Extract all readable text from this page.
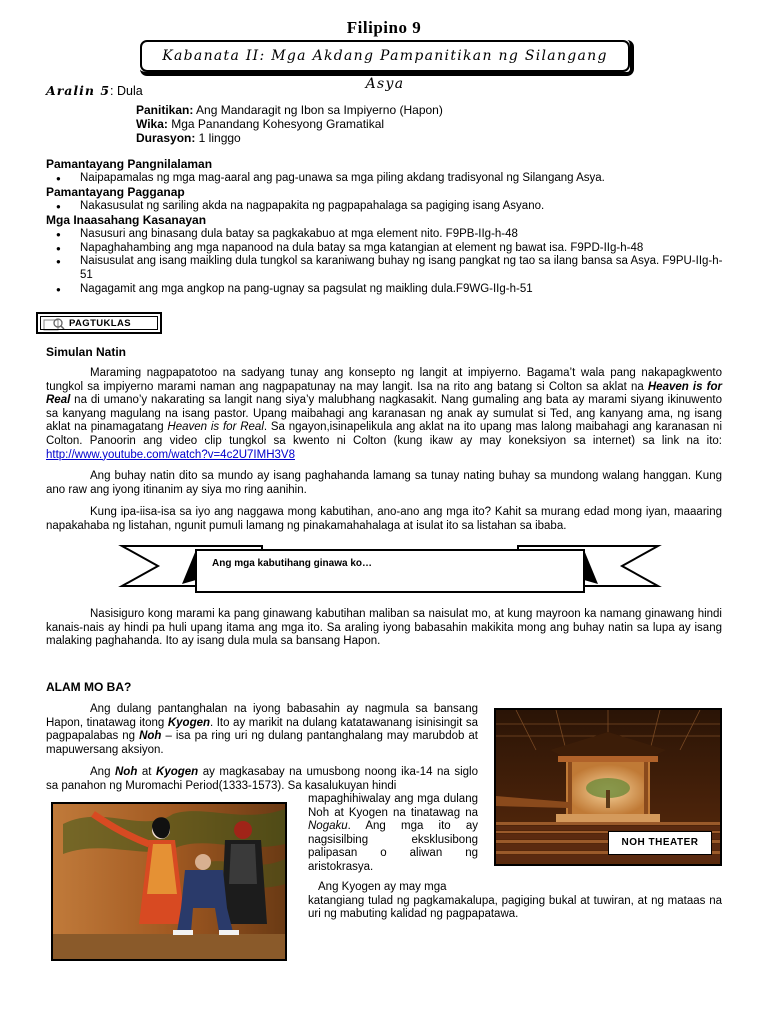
Filipino 9
Kabanata II: Mga Akdang Pampanitikan ng Silangang Asya
Aralin 5: Dula
Panitikan: Ang Mandaragit ng Ibon sa Impiyerno (Hapon)
Wika: Mga Panandang Kohesyong Gramatikal
Durasyon: 1 linggo
Pamantayang Pangnilalaman
● Naipapamalas ng mga mag-aaral ang pag-unawa sa mga piling akdang tradisyonal ng Silangang Asya.
Pamantayang Pagganap
● Nakasusulat ng sariling akda na nagpapakita ng pagpapahalaga sa pagiging isang Asyano.
Mga Inaasahang Kasanayan
● Nasusuri ang binasang dula batay sa pagkakabuo at mga element nito. F9PB-IIg-h-48
● Napaghahambing ang mga napanood na dula batay sa mga katangian at element ng bawat isa. F9PD-IIg-h-48
● Naisusulat ang isang maikling dula tungkol sa karaniwang buhay ng isang pangkat ng tao sa ilang bansa sa Asya. F9PU-IIg-h-51
● Nagagamit ang mga angkop na pang-ugnay sa pagsulat ng maikling dula.F9WG-IIg-h-51
PAGTUKLAS
Simulan Natin
Maraming nagpapatotoo na sadyang tunay ang konsepto ng langit at impiyerno. Bagama’t wala pang nakapagkwento tungkol sa impiyerno marami naman ang nagpapatunay na may langit. Isa na rito ang batang si Colton sa aklat na Heaven is for Real na di umano’y nakarating sa langit nang siya’y malubhang nagkasakit. Nang gumaling ang bata ay marami siyang ikinuwento sa kanyang magulang na isang pastor. Upang maibahagi ang karanasan ng anak ay sumulat si Ted, ang kanyang ama, ng isang aklat na pinamagatang Heaven is for Real. Sa ngayon,isinapelikula ang aklat na ito upang mas lalong maibahagi ang karanasan ni Colton. Panoorin ang video clip tungkol sa kwento ni Colton (kung ikaw ay may koneksiyon sa internet) sa link na ito: http://www.youtube.com/watch?v=4c2U7IMH3V8
Ang buhay natin dito sa mundo ay isang paghahanda lamang sa tunay nating buhay sa mundong walang hanggan. Kung ano raw ang iyong itinanim ay siya mo ring aanihin.
Kung ipa-iisa-isa sa iyo ang naggawa mong kabutihan, ano-ano ang mga ito? Kahit sa murang edad mong iyan, maaaring napakahaba ng listahan, ngunit pumuli lamang ng pinakamahahalaga at isulat ito sa listahan sa ibaba.
Ang mga kabutihang ginawa ko…
Nasisiguro kong marami ka pang ginawang kabutihan maliban sa naisulat mo, at kung mayroon ka namang ginawang hindi kanais-nais ay hindi pa huli upang itama ang mga ito. Sa araling iyong babasahin makikita mong ang buhay natin sa lupa ay isang malaking paghahanda. Ito ay isang dula mula sa bansang Hapon.
ALAM MO BA?
Ang dulang pantanghalan na iyong babasahin ay nagmula sa bansang Hapon, tinatawag itong Kyogen. Ito ay marikit na dulang katatawanang isinisingit sa pagpapalabas ng Noh – isa pa ring uri ng dulang pantanghalang may marubdob at mapuwersang aksiyon.
Ang Noh at Kyogen ay magkasabay na umusbong noong ika-14 na siglo sa panahon ng Muromachi Period(1333-1573). Sa kasalukuyan hindi
mapaghihiwalay ang mga dulang Noh at Kyogen na tinatawag na Nogaku. Ang mga ito ay nagsisilbing eksklusibong palipasan o aliwan ng aristokrasya.
Ang Kyogen ay may mga
katangiang tulad ng pagkamakalupa, pagiging bukal at tuwiran, at ng mataas na uri ng mabuting kalidad ng pagpapatawa.
NOH THEATER
